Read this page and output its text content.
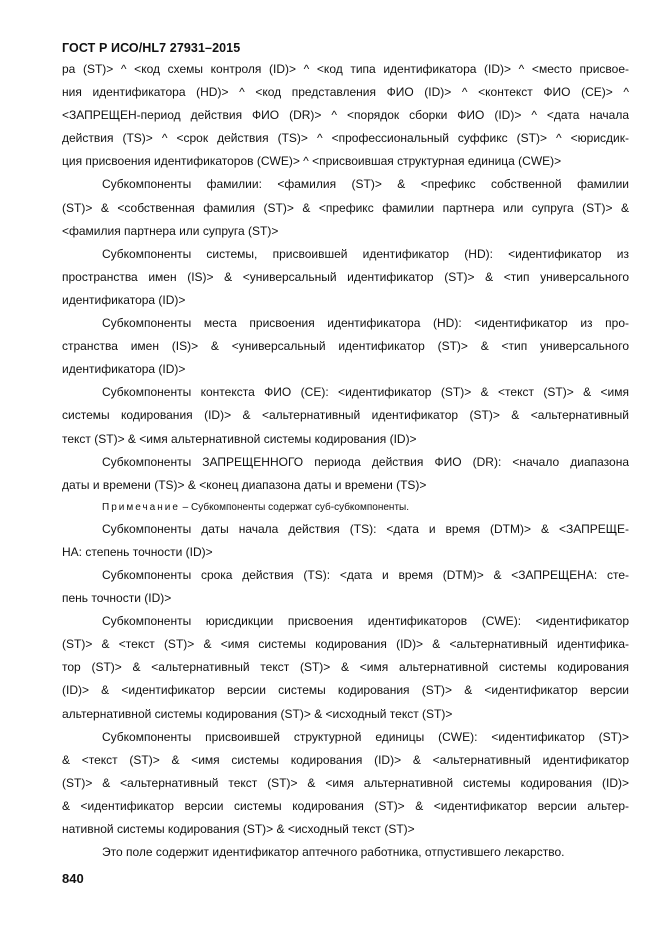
ГОСТ Р ИСО/HL7 27931–2015
ра (ST)> ^ <код схемы контроля (ID)> ^ <код типа идентификатора (ID)> ^ <место присвое-
ния идентификатора (HD)> ^ <код представления ФИО (ID)> ^ <контекст ФИО (CE)> ^
<ЗАПРЕЩЕН-период действия ФИО (DR)> ^ <порядок сборки ФИО (ID)> ^ <дата начала
действия (TS)> ^ <срок действия (TS)> ^ <профессиональный суффикс (ST)> ^ <юрисдик-
ция присвоения идентификаторов (CWE)> ^ <присвоившая структурная единица (CWE)>
Субкомпоненты фамилии: <фамилия (ST)> & <префикс собственной фамилии
(ST)> & <собственная фамилия (ST)> & <префикс фамилии партнера или супруга (ST)> &
<фамилия партнера или супруга (ST)>
Субкомпоненты системы, присвоившей идентификатор (HD): <идентификатор из
пространства имен (IS)> & <универсальный идентификатор (ST)> & <тип универсального
идентификатора (ID)>
Субкомпоненты места присвоения идентификатора (HD): <идентификатор из про-
странства имен (IS)> & <универсальный идентификатор (ST)> & <тип универсального
идентификатора (ID)>
Субкомпоненты контекста ФИО (CE): <идентификатор (ST)> & <текст (ST)> & <имя
системы кодирования (ID)> & <альтернативный идентификатор (ST)> & <альтернативный
текст (ST)> & <имя альтернативной системы кодирования (ID)>
Субкомпоненты ЗАПРЕЩЕННОГО периода действия ФИО (DR): <начало диапазона
даты и времени (TS)> & <конец диапазона даты и времени (TS)>
Примечание – Субкомпоненты содержат суб-субкомпоненты.
Субкомпоненты даты начала действия (TS): <дата и время (DTM)> & <ЗАПРЕЩЕ-
НА: степень точности (ID)>
Субкомпоненты срока действия (TS): <дата и время (DTM)> & <ЗАПРЕЩЕНА: сте-
пень точности (ID)>
Субкомпоненты юрисдикции присвоения идентификаторов (CWE): <идентификатор
(ST)> & <текст (ST)> & <имя системы кодирования (ID)> & <альтернативный идентифика-
тор (ST)> & <альтернативный текст (ST)> & <имя альтернативной системы кодирования
(ID)> & <идентификатор версии системы кодирования (ST)> & <идентификатор версии
альтернативной системы кодирования (ST)> & <исходный текст (ST)>
Субкомпоненты присвоившей структурной единицы (CWE): <идентификатор (ST)>
& <текст (ST)> & <имя системы кодирования (ID)> & <альтернативный идентификатор
(ST)> & <альтернативный текст (ST)> & <имя альтернативной системы кодирования (ID)>
& <идентификатор версии системы кодирования (ST)> & <идентификатор версии альтер-
нативной системы кодирования (ST)> & <исходный текст (ST)>
Это поле содержит идентификатор аптечного работника, отпустившего лекарство.
840
